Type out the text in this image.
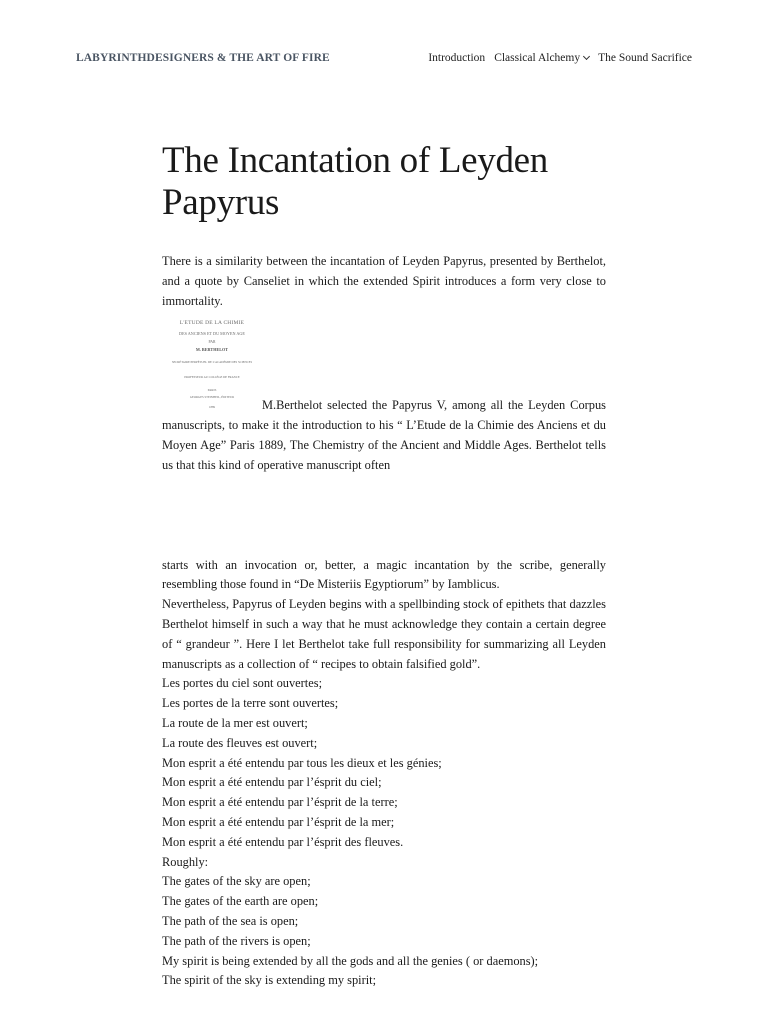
LABYRINTHDESIGNERS & THE ART OF FIRE	Introduction Classical Alchemy The Sound Sacrifice
The Incantation of Leyden Papyrus

There is a similarity between the incantation of Leyden Papyrus, presented by Berthelot, and a quote by Canseliet in which the extended Spirit introduces a form very close to immortality.

L'ÉTUDE DE LA CHIMIE
DES ANCIENS ET DU MOYEN AGE
PAR
M. BERTHELOT
SECRÉTAIRE PERPÉTUEL DE L'ACADÉMIE DES SCIENCES
PROFESSEUR AU COLLÈGE DE FRANCE
PARIS
GEORGES STEINHEIL, ÉDITEUR
1889	M.Berthelot selected the Papyrus V, among all the Leyden Corpus manuscripts, to make it the introduction to his “ L’Etude de la Chimie des Anciens et du Moyen Age” Paris 1889, The Chemistry of the Ancient and Middle Ages. Berthelot tells us that this kind of operative manuscript often

starts with an invocation or, better, a magic incantation by the scribe, generally resembling those found in “De Misteriis Egyptiorum” by Iamblicus.

Nevertheless, Papyrus of Leyden begins with a spellbinding stock of epithets that dazzles Berthelot himself in such a way that he must acknowledge they contain a certain degree of “ grandeur ”. Here I let Berthelot take full responsibility for summarizing all Leyden manuscripts as a collection of “ recipes to obtain falsified gold”.

Les portes du ciel sont ouvertes;
Les portes de la terre sont ouvertes;
La route de la mer est ouvert;
La route des fleuves est ouvert;
Mon esprit a été entendu par tous les dieux et les génies;
Mon esprit a été entendu par l’ésprit du ciel;
Mon esprit a été entendu par l’ésprit de la terre;
Mon esprit a été entendu par l’ésprit de la mer;
Mon esprit a été entendu par l’ésprit des fleuves.
Roughly:
The gates of the sky are open;
The gates of the earth are open;
The path of the sea is open;
The path of the rivers is open;
My spirit is being extended by all the gods and all the genies ( or daemons);
The spirit of the sky is extending my spirit;
